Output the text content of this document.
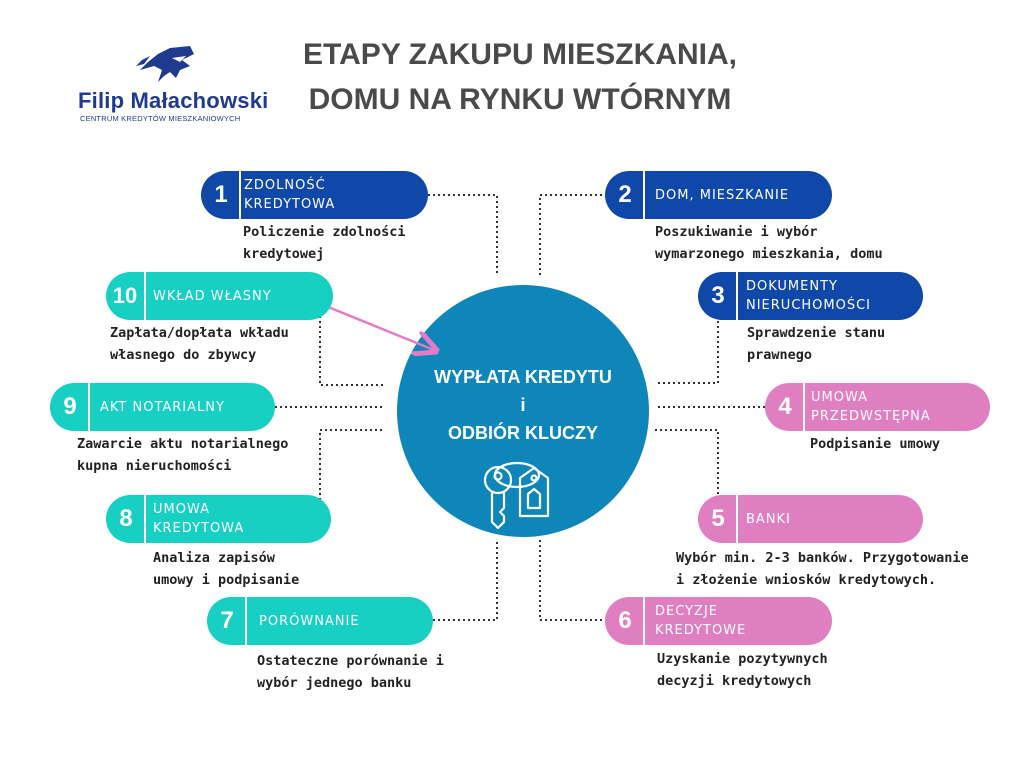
Filip Małachowski
CENTRUM KREDYTÓW MIESZKANIOWYCH
ETAPY ZAKUPU MIESZKANIA,
DOMU NA RYNKU WTÓRNYM
WYPŁATA KREDYTU
i
ODBIÓR KLUCZY
1	ZDOLNOŚĆ
KREDYTOWA
Policzenie zdolności
kredytowej
2	DOM, MIESZKANIE
Poszukiwanie i wybór
wymarzonego mieszkania, domu
3	DOKUMENTY
NIERUCHOMOŚCI
Sprawdzenie stanu
prawnego
4	UMOWA
PRZEDWSTĘPNA
Podpisanie umowy
5	BANKI
Wybór min. 2-3 banków. Przygotowanie
i złożenie wniosków kredytowych.
6	DECYZJE
KREDYTOWE
Uzyskanie pozytywnych
decyzji kredytowych
7	PORÓWNANIE
Ostateczne porównanie i
wybór jednego banku
8	UMOWA
KREDYTOWA
Analiza zapisów
umowy i podpisanie
9	AKT NOTARIALNY
Zawarcie aktu notarialnego
kupna nieruchomości
10	WKŁAD WŁASNY
Zapłata/dopłata wkładu
własnego do zbywcy
